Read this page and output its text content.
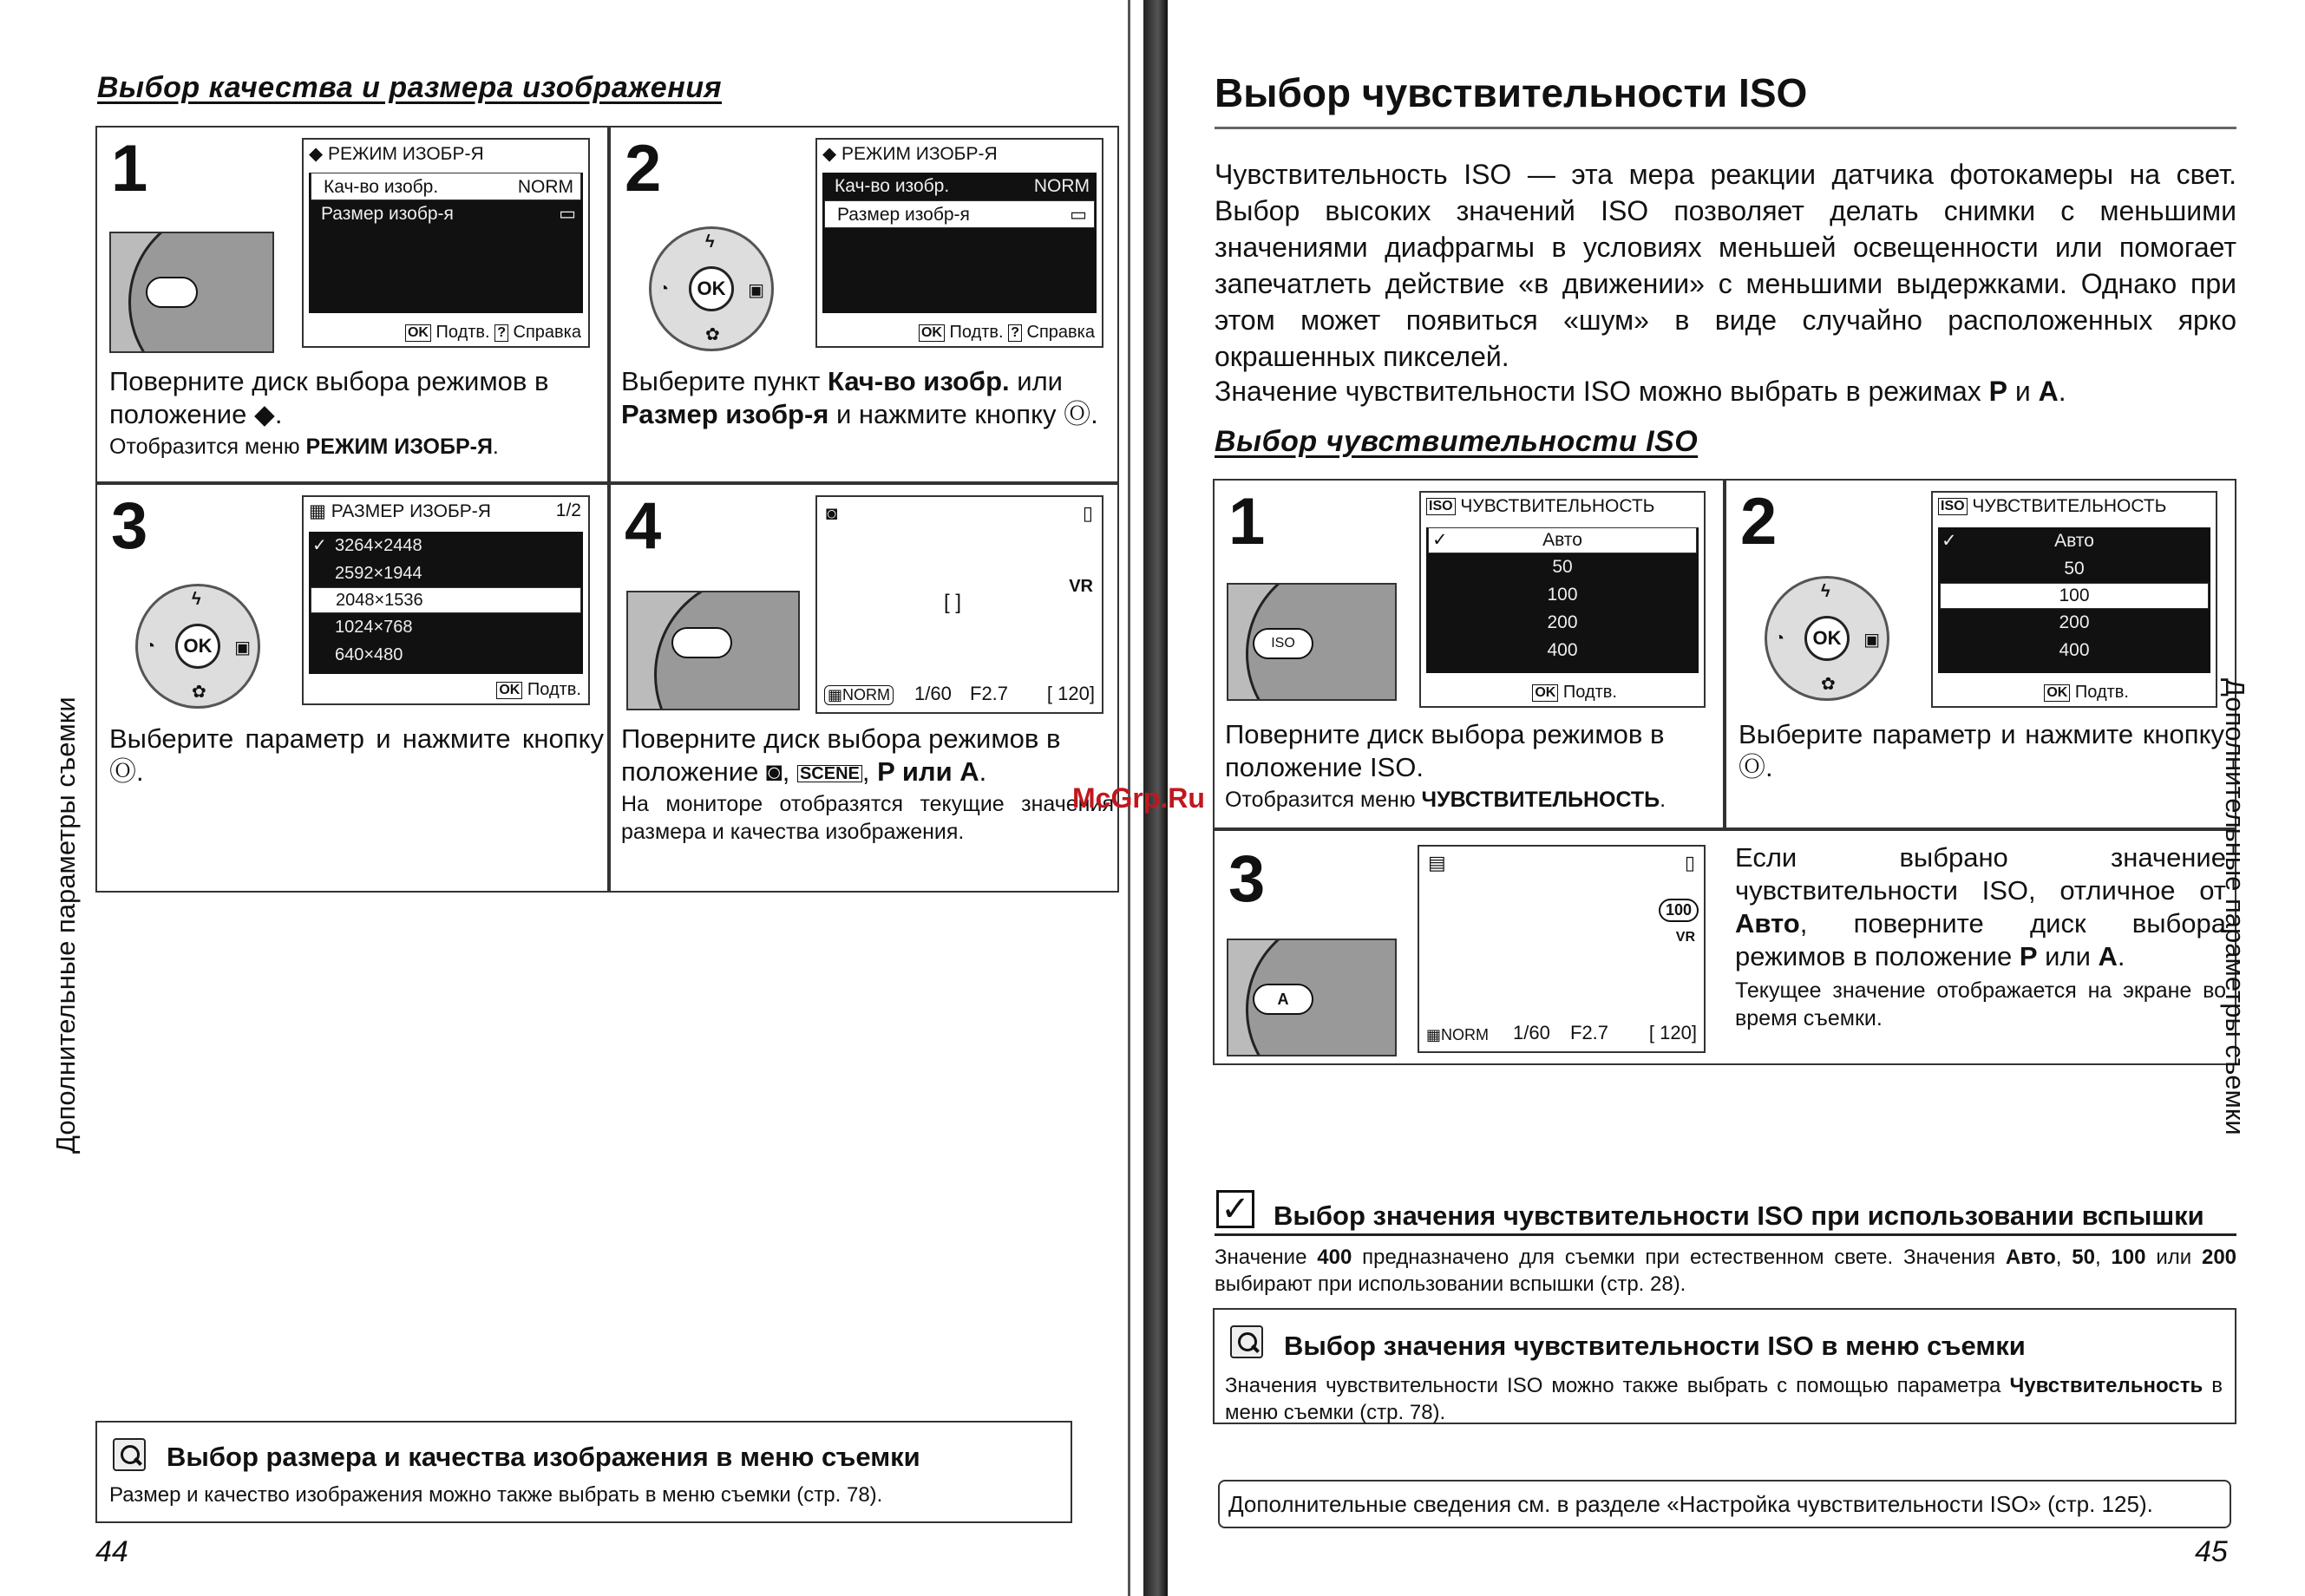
Выбор качества и размера изображения
1	◆ РЕЖИМ ИЗОБР-Я
Кач-во изобр.	NORM
Размер изобр-я	▭
OK Подтв. ? Справка
Поверните диск выбора режимов в положение ◆.
Отобразится меню РЕЖИМ ИЗОБР-Я.
2
OK
ϟ
◔	▣
✿
◆ РЕЖИМ ИЗОБР-Я
Кач-во изобр.	NORM
Размер изобр-я	▭
OK Подтв. ? Справка
Выберите пункт Кач-во изобр. или Размер изобр-я и нажмите кнопку Ⓞ.
3
OK
ϟ
◔	▣
✿
▦ РАЗМЕР ИЗОБР-Я	1/2
✓ 3264×2448
2592×1944
2048×1536
1024×768
640×480
OK Подтв.
Выберите параметр и нажмите кнопку Ⓞ.
4	◙	▯
[ ]
VR
▦NORM 1/60 F2.7 [ 120]
Поверните диск выбора режимов в положение ◙, SCENE, P или A.
На мониторе отобразятся текущие значения размера и качества изображения.
Выбор размера и качества изображения в меню съемки
Размер и качество изображения можно также выбрать в меню съемки (стр. 78).
Дополнительные параметры съемки
44
Выбор чувствительности ISO
Чувствительность ISO — эта мера реакции датчика фотокамеры на свет. Выбор высоких значений ISO позволяет делать снимки с меньшими значениями диафрагмы в условиях меньшей освещенности или помогает запечатлеть действие «в движении» с меньшими выдержками. Однако при этом может появиться «шум» в виде случайно расположенных ярко окрашенных пикселей.
Значение чувствительности ISO можно выбрать в режимах P и A.
Выбор чувствительности ISO
1
ISO
ISO ЧУВСТВИТЕЛЬНОСТЬ
✓	Авто
50
100
200
400
OK Подтв.
Поверните диск выбора режимов в положение ISO.
Отобразится меню ЧУВСТВИТЕЛЬНОСТЬ.
2
OK
ϟ
◔	▣
✿
ISO ЧУВСТВИТЕЛЬНОСТЬ
✓	Авто
50
100
200
400
OK Подтв.
Выберите параметр и нажмите кнопку Ⓞ.
3
A
▤	▯
100
VR
▦NORM 1/60 F2.7 [ 120]
Если выбрано значение чувствительности ISO, отличное от Авто, поверните диск выбора режимов в положение P или A.
Текущее значение отображается на экране во время съемки.
✓ Выбор значения чувствительности ISO при использовании вспышки
Значение 400 предназначено для съемки при естественном свете. Значения Авто, 50, 100 или 200 выбирают при использовании вспышки (стр. 28).
Выбор значения чувствительности ISO в меню съемки
Значения чувствительности ISO можно также выбрать с помощью параметра Чувствительность в меню съемки (стр. 78).
Дополнительные сведения см. в разделе «Настройка чувствительности ISO» (стр. 125).
Дополнительные параметры съемки
45
McGrp.Ru
